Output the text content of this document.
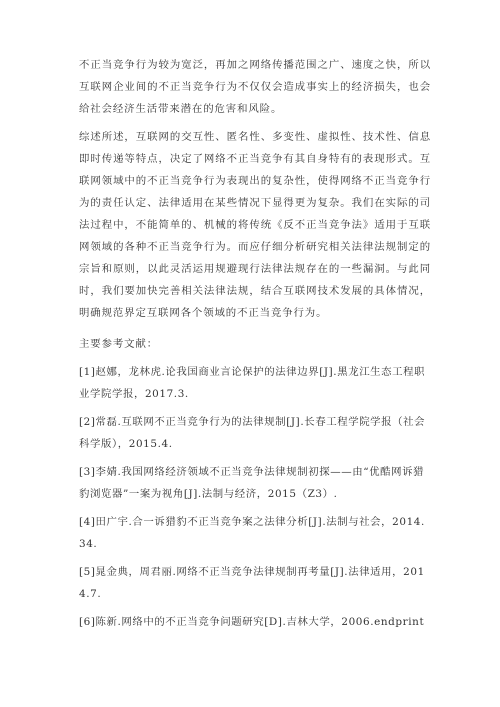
不正当竞争行为较为宽泛，再加之网络传播范围之广、速度之快，所以互联网企业间的不正当竞争行为不仅仅会造成事实上的经济损失，也会给社会经济生活带来潜在的危害和风险。

综述所述，互联网的交互性、匿名性、多变性、虚拟性、技术性、信息即时传递等特点，决定了网络不正当竞争有其自身特有的表现形式。互联网领域中的不正当竞争行为表现出的复杂性，使得网络不正当竞争行为的责任认定、法律适用在某些情况下显得更为复杂。我们在实际的司法过程中，不能简单的、机械的将传统《反不正当竞争法》适用于互联网领域的各种不正当竞争行为。而应仔细分析研究相关法律法规制定的宗旨和原则，以此灵活运用规避现行法律法规存在的一些漏洞。与此同时，我们要加快完善相关法律法规，结合互联网技术发展的具体情况，明确规范界定互联网各个领域的不正当竞争行为。

主要参考文献：

[1]赵娜，龙林虎.论我国商业言论保护的法律边界[J].黑龙江生态工程职业学院学报，2017.3.

[2]常磊.互联网不正当竞争行为的法律规制[J].长春工程学院学报（社会科学版），2015.4.

[3]李婧.我国网络经济领域不正当竞争法律规制初探——由“优酷网诉猎豹浏览器”一案为视角[J].法制与经济，2015（Z3）.

[4]田广宇.合一诉猎豹不正当竞争案之法律分析[J].法制与社会，2014.34.

[5]晁金典，周君丽.网络不正当竞争法律规制再考量[J].法律适用，2014.7.

[6]陈新.网络中的不正当竞争问题研究[D].吉林大学，2006.endprint
